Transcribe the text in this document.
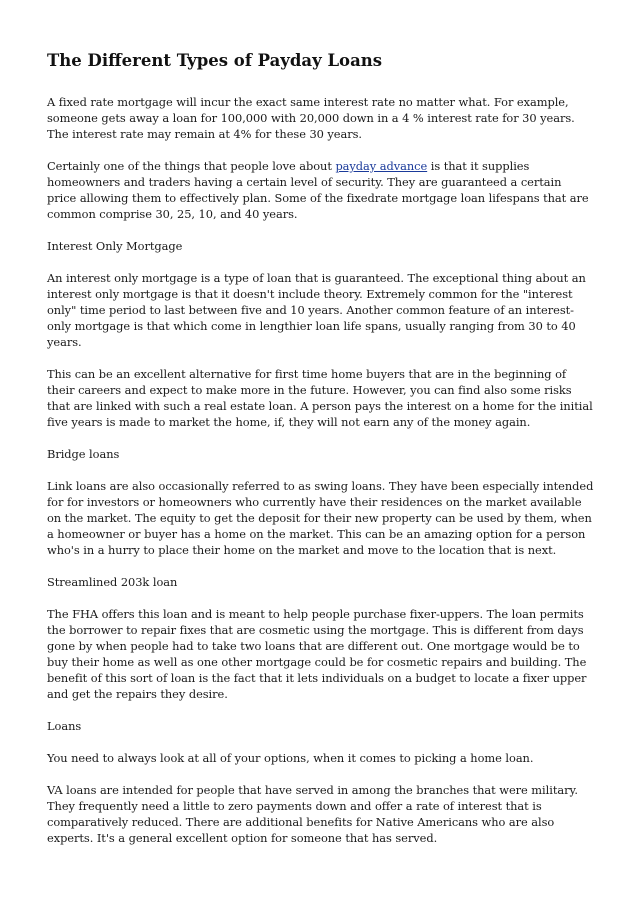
The Different Types of Payday Loans

A fixed rate mortgage will incur the exact same interest rate no matter what. For example, someone gets away a loan for 100,000 with 20,000 down in a 4 % interest rate for 30 years. The interest rate may remain at 4% for these 30 years.

Certainly one of the things that people love about payday advance is that it supplies homeowners and traders having a certain level of security. They are guaranteed a certain price allowing them to effectively plan. Some of the fixedrate mortgage loan lifespans that are common comprise 30, 25, 10, and 40 years.

Interest Only Mortgage

An interest only mortgage is a type of loan that is guaranteed. The exceptional thing about an interest only mortgage is that it doesn't include theory. Extremely common for the "interest only" time period to last between five and 10 years. Another common feature of an interest-only mortgage is that which come in lengthier loan life spans, usually ranging from 30 to 40 years.

This can be an excellent alternative for first time home buyers that are in the beginning of their careers and expect to make more in the future. However, you can find also some risks that are linked with such a real estate loan. A person pays the interest on a home for the initial five years is made to market the home, if, they will not earn any of the money again.

Bridge loans

Link loans are also occasionally referred to as swing loans. They have been especially intended for for investors or homeowners who currently have their residences on the market available on the market. The equity to get the deposit for their new property can be used by them, when a homeowner or buyer has a home on the market. This can be an amazing option for a person who's in a hurry to place their home on the market and move to the location that is next.

Streamlined 203k loan

The FHA offers this loan and is meant to help people purchase fixer-uppers. The loan permits the borrower to repair fixes that are cosmetic using the mortgage. This is different from days gone by when people had to take two loans that are different out. One mortgage would be to buy their home as well as one other mortgage could be for cosmetic repairs and building. The benefit of this sort of loan is the fact that it lets individuals on a budget to locate a fixer upper and get the repairs they desire.

Loans

You need to always look at all of your options, when it comes to picking a home loan.

VA loans are intended for people that have served in among the branches that were military. They frequently need a little to zero payments down and offer a rate of interest that is comparatively reduced. There are additional benefits for Native Americans who are also experts. It's a general excellent option for someone that has served.
